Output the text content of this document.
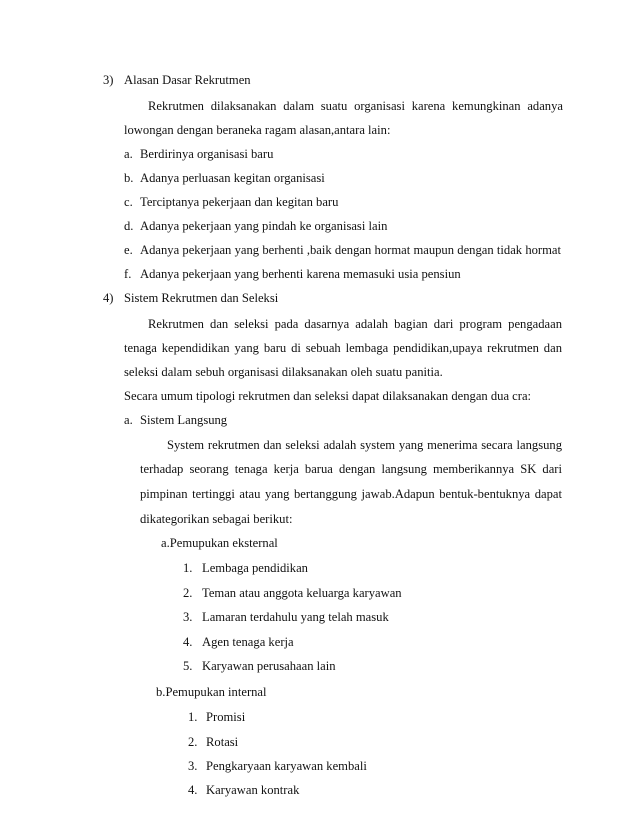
3) Alasan Dasar Rekrutmen
Rekrutmen dilaksanakan dalam suatu organisasi karena kemungkinan adanya
lowongan dengan beraneka ragam alasan,antara lain:
a. Berdirinya organisasi baru
b. Adanya perluasan kegitan organisasi
c. Terciptanya pekerjaan dan kegitan baru
d. Adanya pekerjaan yang pindah ke organisasi lain
e. Adanya pekerjaan yang berhenti ,baik dengan hormat maupun dengan tidak hormat
f. Adanya pekerjaan yang berhenti karena memasuki usia pensiun
4) Sistem Rekrutmen dan Seleksi
Rekrutmen dan seleksi pada dasarnya adalah bagian dari program pengadaan
tenaga kependidikan yang baru di sebuah lembaga pendidikan,upaya rekrutmen dan
seleksi dalam sebuh organisasi dilaksanakan oleh suatu panitia.
Secara umum tipologi rekrutmen dan seleksi dapat dilaksanakan dengan dua cra:
a. Sistem Langsung
System rekrutmen dan seleksi adalah system yang menerima secara langsung
terhadap seorang tenaga kerja barua dengan langsung memberikannya SK dari
pimpinan tertinggi atau yang bertanggung jawab.Adapun bentuk-bentuknya dapat
dikategorikan sebagai berikut:
a.Pemupukan eksternal
1. Lembaga pendidikan
2. Teman atau anggota keluarga karyawan
3. Lamaran terdahulu yang telah masuk
4. Agen tenaga kerja
5. Karyawan perusahaan lain
b.Pemupukan internal
1. Promisi
2. Rotasi
3. Pengkaryaan karyawan kembali
4. Karyawan kontrak
